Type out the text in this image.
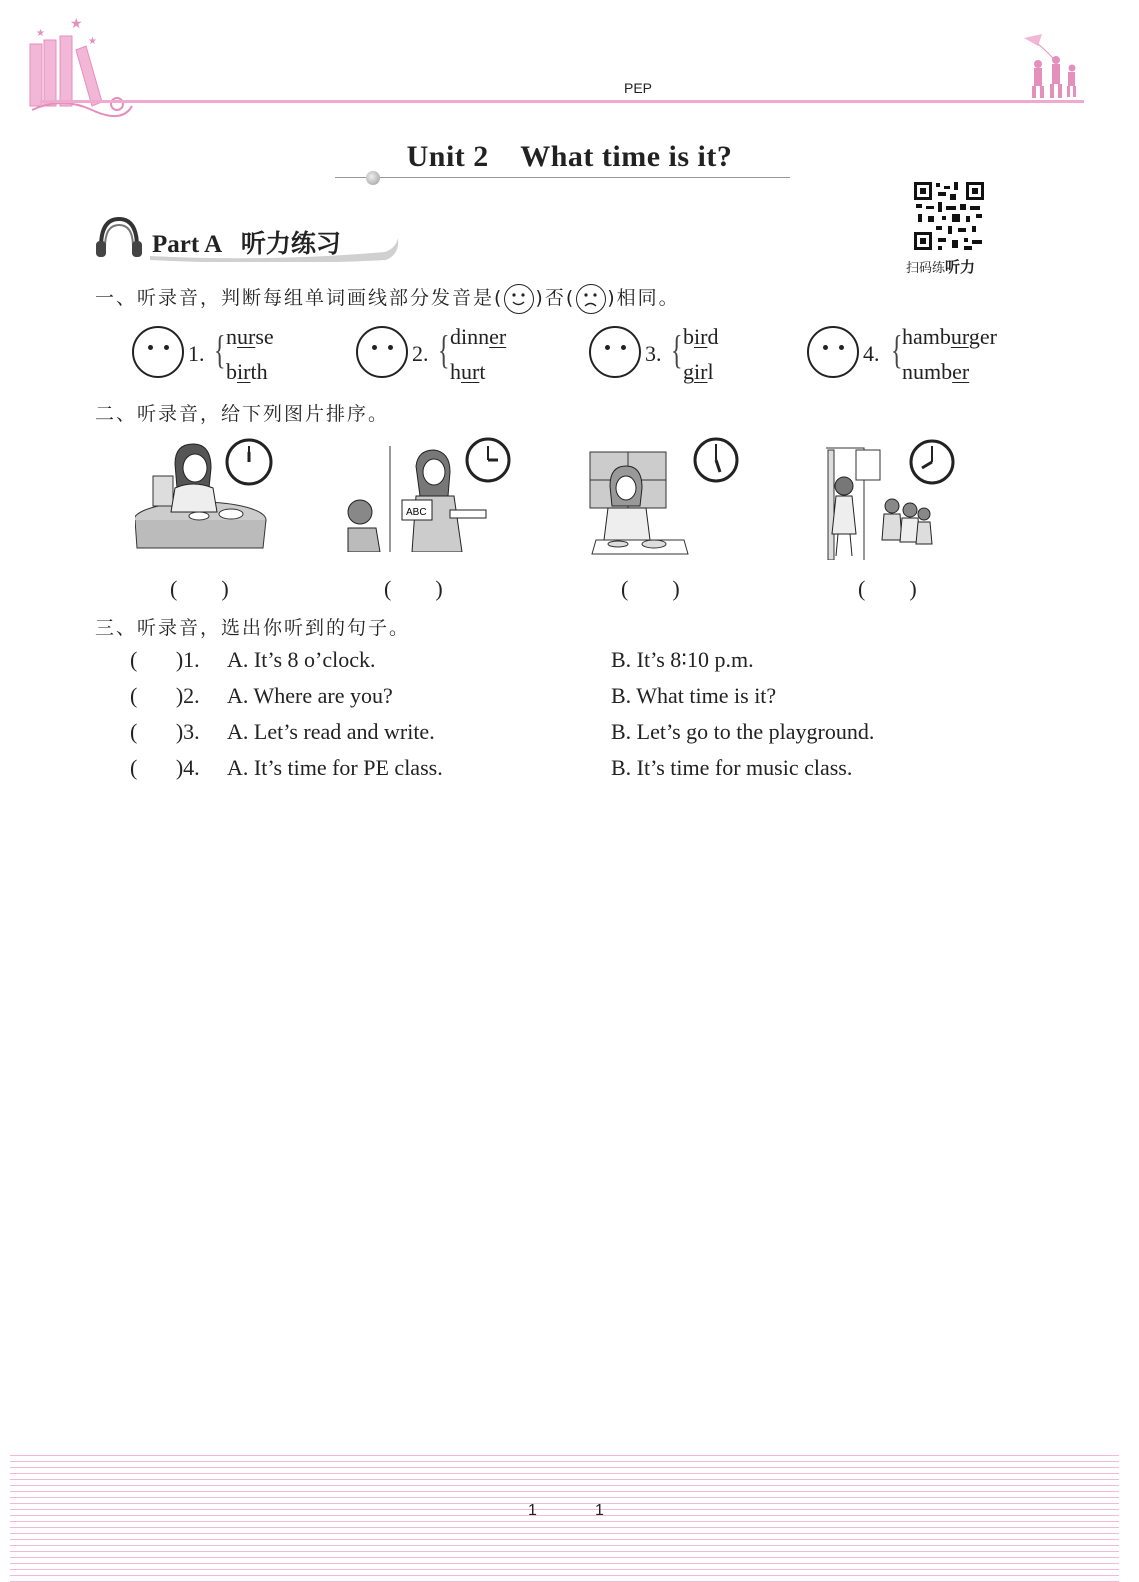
★
★
★
PEP
Unit 2    What time is it?
扫码练听力
Part A 听力练习
一、听录音，判断每组单词画线部分发音是( )否( )相同。
1. { nurse
birth
2. { dinner
hurt
3. { bird
girl
4. { hamburger
number
二、听录音，给下列图片排序。
ABC
(        )	(        )	(        )	(        )
三、听录音，选出你听到的句子。
(       )1. A. It’s 8 o’clock.	B. It’s 8∶10 p.m.
(       )2. A. Where are you?	B. What time is it?
(       )3. A. Let’s read and write.	B. Let’s go to the playground.
(       )4. A. It’s time for PE class.	B. It’s time for music class.
1	1
